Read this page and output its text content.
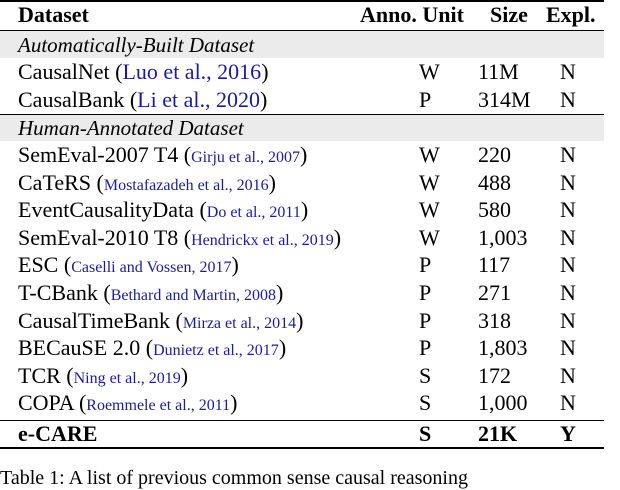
Dataset	Anno. Unit Size Expl.
Automatically-Built Dataset
CausalNet (Luo et al., 2016)	W 11M N
CausalBank (Li et al., 2020)	P 314M N
Human-Annotated Dataset
SemEval-2007 T4 (Girju et al., 2007)	W 220 N
CaTeRS (Mostafazadeh et al., 2016)	W 488 N
EventCausalityData (Do et al., 2011)	W 580 N
SemEval-2010 T8 (Hendrickx et al., 2019)	W 1,003 N
ESC (Caselli and Vossen, 2017)	P 117 N
T-CBank (Bethard and Martin, 2008)	P 271 N
CausalTimeBank (Mirza et al., 2014)	P 318 N
BECauSE 2.0 (Dunietz et al., 2017)	P 1,803 N
TCR (Ning et al., 2019)	S 172 N
COPA (Roemmele et al., 2011)	S 1,000 N
e-CARE	S 21K Y
Table 1: A list of previous common sense causal reasoning
